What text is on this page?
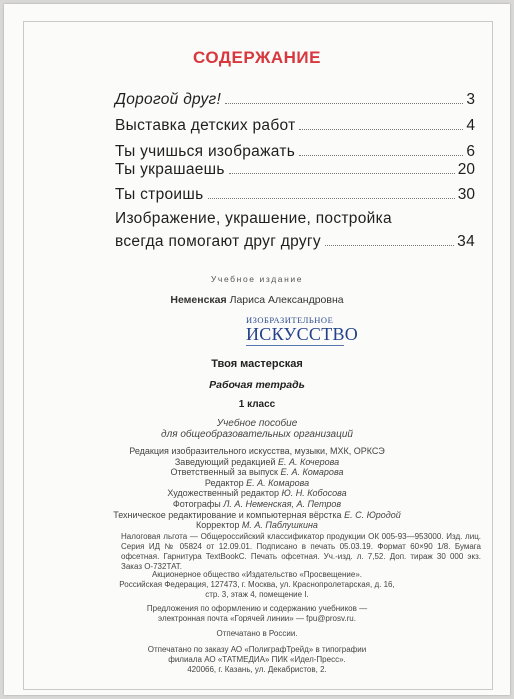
СОДЕРЖАНИЕ
Дорогой друг!	3
Выставка детских работ	4
Ты учишься изображать	6
Ты украшаешь	20
Ты строишь	30
Изображение, украшение, постройка
всегда помогают друг другу	34
Учебное издание
Неменская Лариса Александровна
ИЗОБРАЗИТЕЛЬНОЕ
ИСКУССТВО
Твоя мастерская
Рабочая тетрадь
1 класс
Учебное пособие
для общеобразовательных организаций
Редакция изобразительного искусства, музыки, МХК, ОРКСЭ
Заведующий редакцией Е. А. Кочерова
Ответственный за выпуск Е. А. Комарова
Редактор Е. А. Комарова
Художественный редактор Ю. Н. Кобосова
Фотографы Л. А. Неменская, А. Петров
Техническое редактирование и компьютерная вёрстка Е. С. Юродой
Корректор М. А. Паблушкина
Налоговая льгота — Общероссийский классификатор продукции ОК 005-93—953000. Изд. лиц. Серия ИД № 05824 от 12.09.01. Подписано в печать 05.03.19. Формат 60×90 1/8. Бумага офсетная. Гарнитура TextBookC. Печать офсетная. Уч.-изд. л. 7,52. Доп. тираж 30 000 экз. Заказ О-732ТАТ.
Акционерное общество «Издательство «Просвещение».
Российская Федерация, 127473, г. Москва, ул. Краснопролетарская, д. 16,
стр. 3, этаж 4, помещение I.
Предложения по оформлению и содержанию учебников —
электронная почта «Горячей линии» — fpu@prosv.ru.
Отпечатано в России.
Отпечатано по заказу АО «ПолиграфТрейд» в типографии
филиала АО «ТАТМЕДИА» ПИК «Идел-Пресс».
420066, г. Казань, ул. Декабристов, 2.
